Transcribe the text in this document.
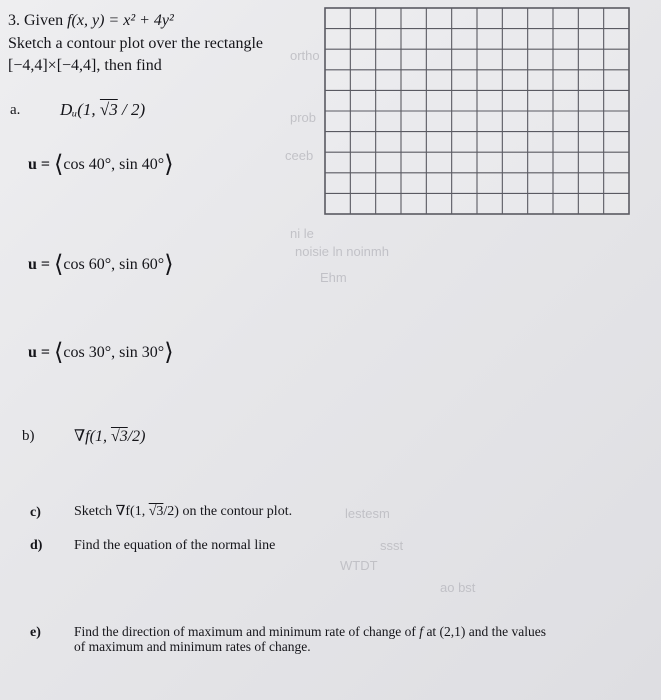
ortho
prob
ceeb
ni le
noisie ln noinmh
Ehm
lestesm
ssst
WTDT
ao bst
3. Given f(x, y) = x² + 4y²
Sketch a contour plot over the rectangle
[−4,4]×[−4,4], then find
a. Dᵤ(1, √3 / 2)
u = ⟨cos 40°, sin 40°⟩
u = ⟨cos 60°, sin 60°⟩
u = ⟨cos 30°, sin 30°⟩
b) ∇f(1, √3/2)
c) Sketch ∇f(1, √3/2) on the contour plot.
d) Find the equation of the normal line
e) Find the direction of maximum and minimum rate of change of f at (2,1) and the values
of maximum and minimum rates of change.
